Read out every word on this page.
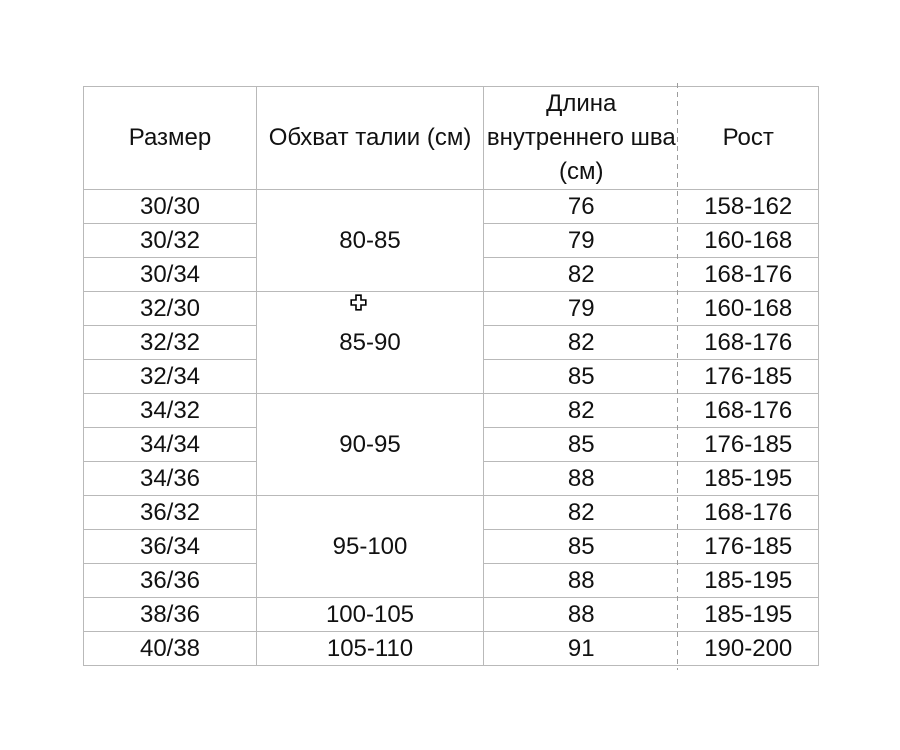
Размер	Обхват талии (см)	Длина внутреннего шва (см)	Рост
30/30	80-85	76	158-162
30/32		79	160-168
30/34		82	168-176
32/30	85-90	79	160-168
32/32		82	168-176
32/34		85	176-185
34/32	90-95	82	168-176
34/34		85	176-185
34/36		88	185-195
36/32	95-100	82	168-176
36/34		85	176-185
36/36		88	185-195
38/36	100-105	88	185-195
40/38	105-110	91	190-200
